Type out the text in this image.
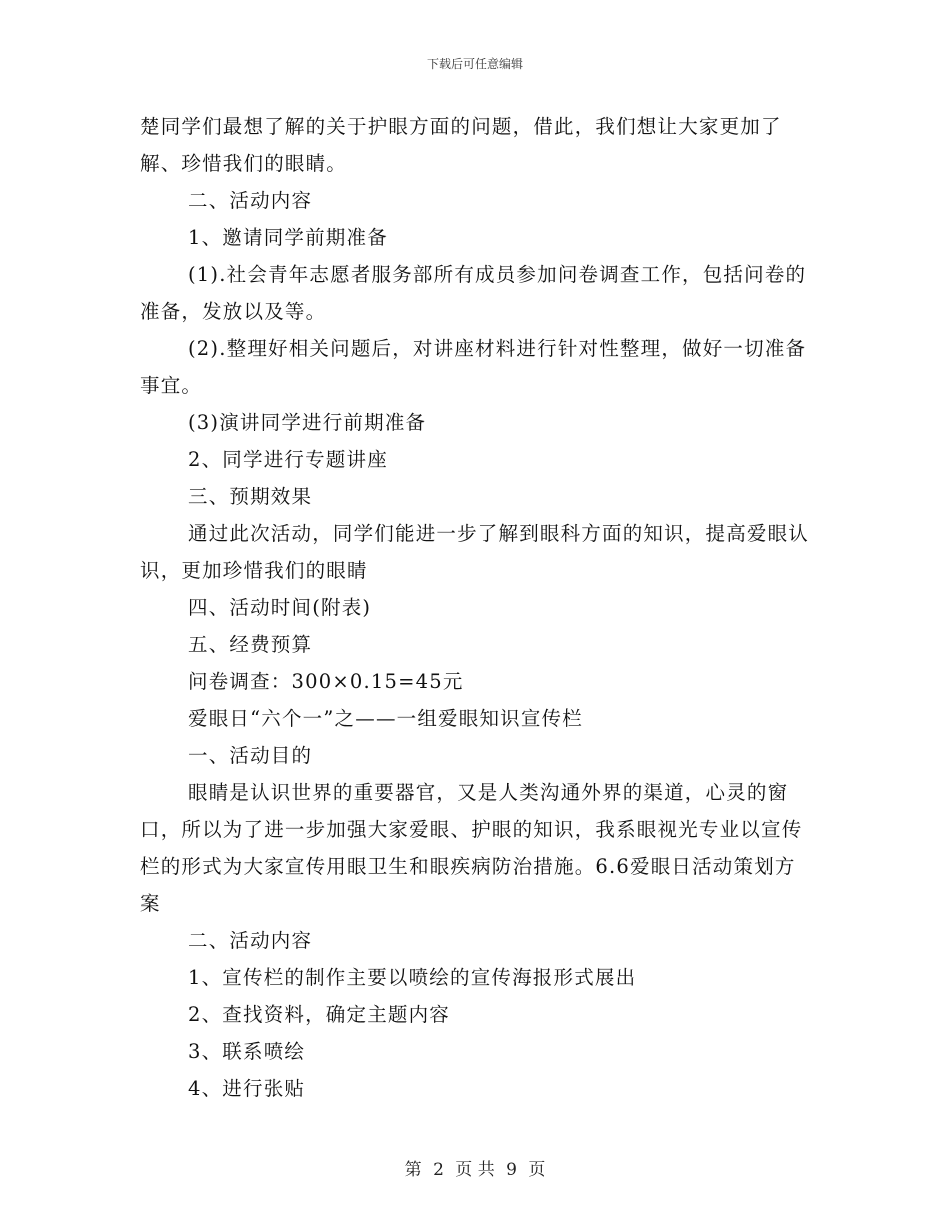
下载后可任意编辑

楚同学们最想了解的关于护眼方面的问题，借此，我们想让大家更加了解、珍惜我们的眼睛。

二、活动内容

1、邀请同学前期准备

(1).社会青年志愿者服务部所有成员参加问卷调查工作，包括问卷的准备，发放以及等。

(2).整理好相关问题后，对讲座材料进行针对性整理，做好一切准备事宜。

(3)演讲同学进行前期准备

2、同学进行专题讲座

三、预期效果

通过此次活动，同学们能进一步了解到眼科方面的知识，提高爱眼认识，更加珍惜我们的眼睛

四、活动时间(附表)

五、经费预算

问卷调查：300×0.15=45元

爱眼日“六个一”之——一组爱眼知识宣传栏

一、活动目的

眼睛是认识世界的重要器官，又是人类沟通外界的渠道，心灵的窗口，所以为了进一步加强大家爱眼、护眼的知识，我系眼视光专业以宣传栏的形式为大家宣传用眼卫生和眼疾病防治措施。6.6爱眼日活动策划方案

二、活动内容

1、宣传栏的制作主要以喷绘的宣传海报形式展出

2、查找资料，确定主题内容

3、联系喷绘

4、进行张贴

第 2 页 共 9 页
